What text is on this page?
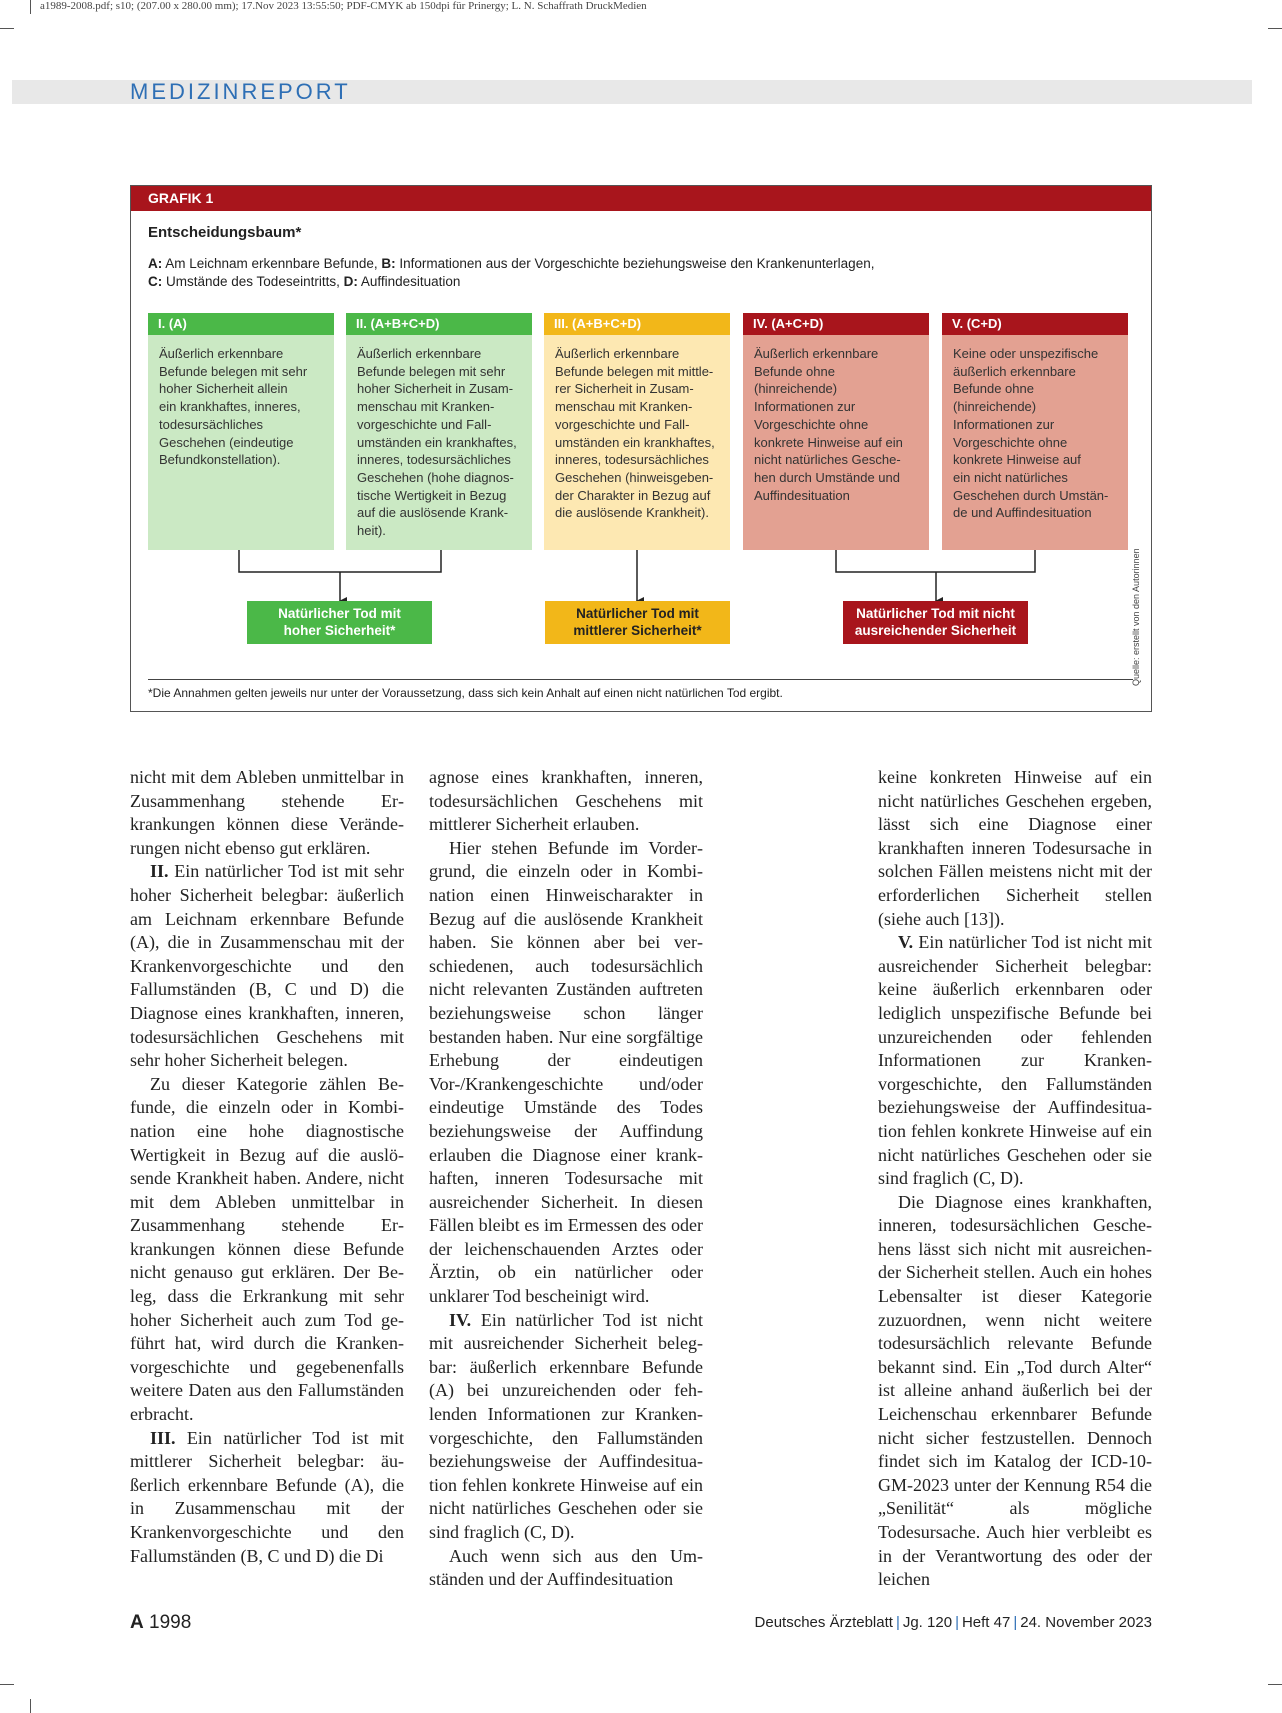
a1989-2008.pdf; s10; (207.00 x 280.00 mm); 17.Nov 2023 13:55:50; PDF-CMYK ab 150dpi für Prinergy; L. N. Schaffrath DruckMedien
MEDIZINREPORT
GRAFIK 1
Entscheidungsbaum*
A: Am Leichnam erkennbare Befunde, B: Informationen aus der Vorgeschichte beziehungsweise den Krankenunterlagen,
C: Umstände des Todeseintritts, D: Auffindesituation
I. (A)
Äußerlich erkennbare
Befunde belegen mit sehr
hoher Sicherheit allein
ein krankhaftes, inneres,
todesursächliches
Geschehen (eindeutige
Befundkonstellation).
II. (A+B+C+D)
Äußerlich erkennbare
Befunde belegen mit sehr
hoher Sicherheit in Zusam-
menschau mit Kranken-
vorgeschichte und Fall-
umständen ein krankhaftes,
inneres, todesursächliches
Geschehen (hohe diagnos-
tische Wertigkeit in Bezug
auf die auslösende Krank-
heit).
III. (A+B+C+D)
Äußerlich erkennbare
Befunde belegen mit mittle-
rer Sicherheit in Zusam-
menschau mit Kranken-
vorgeschichte und Fall-
umständen ein krankhaftes,
inneres, todesursächliches
Geschehen (hinweisgeben-
der Charakter in Bezug auf
die auslösende Krankheit).
IV. (A+C+D)
Äußerlich erkennbare
Befunde ohne (hinreichende)
Informationen zur
Vorgeschichte ohne
konkrete Hinweise auf ein
nicht natürliches Gesche-
hen durch Umstände und
Auffindesituation
V. (C+D)
Keine oder unspezifische
äußerlich erkennbare
Befunde ohne (hinreichende)
Informationen zur
Vorgeschichte ohne
konkrete Hinweise auf
ein nicht natürliches
Geschehen durch Umstän-
de und Auffindesituation
Natürlicher Tod mit
hoher Sicherheit*
Natürlicher Tod mit
mittlerer Sicherheit*
Natürlicher Tod mit nicht
ausreichender Sicherheit
*Die Annahmen gelten jeweils nur unter der Voraussetzung, dass sich kein Anhalt auf einen nicht natürlichen Tod ergibt.
Quelle: erstellt von den Autorinnen

nicht mit dem Ableben unmittelbar in Zusammenhang stehende Erkrankungen können diese Veränderungen nicht ebenso gut erklären.

II. Ein natürlicher Tod ist mit sehr hoher Sicherheit belegbar: äußerlich am Leichnam erkennbare Befunde (A), die in Zusammenschau mit der Krankenvorgeschichte und den Fallumständen (B, C und D) die Diagnose eines krankhaften, inneren, todesursächlichen Geschehens mit sehr hoher Sicherheit belegen.

Zu dieser Kategorie zählen Befunde, die einzeln oder in Kombination eine hohe diagnostische Wertigkeit in Bezug auf die auslösende Krankheit haben. Andere, nicht mit dem Ableben unmittelbar in Zusammenhang stehende Erkrankungen können diese Befunde nicht genauso gut erklären. Der Beleg, dass die Erkrankung mit sehr hoher Sicherheit auch zum Tod geführt hat, wird durch die Krankenvorgeschichte und gegebenenfalls weitere Daten aus den Fallumständen erbracht.

III. Ein natürlicher Tod ist mit mittlerer Sicherheit belegbar: äußerlich erkennbare Befunde (A), die in Zusammenschau mit der Krankenvorgeschichte und den Fallumständen (B, C und D) die Di

agnose eines krankhaften, inneren, todesursächlichen Geschehens mit mittlerer Sicherheit erlauben.

Hier stehen Befunde im Vordergrund, die einzeln oder in Kombination einen Hinweischarakter in Bezug auf die auslösende Krankheit haben. Sie können aber bei verschiedenen, auch todesursächlich nicht relevanten Zuständen auftreten beziehungsweise schon länger bestanden haben. Nur eine sorgfältige Erhebung der eindeutigen Vor-/Krankengeschichte und/oder eindeutige Umstände des Todes beziehungsweise der Auffindung erlauben die Diagnose einer krankhaften, inneren Todesursache mit ausreichender Sicherheit. In diesen Fällen bleibt es im Ermessen des oder der leichenschauenden Arztes oder Ärztin, ob ein natürlicher oder unklarer Tod bescheinigt wird.

IV. Ein natürlicher Tod ist nicht mit ausreichender Sicherheit belegbar: äußerlich erkennbare Befunde (A) bei unzureichenden oder fehlenden Informationen zur Krankenvorgeschichte, den Fallumständen beziehungsweise der Auffindesituation fehlen konkrete Hinweise auf ein nicht natürliches Geschehen oder sie sind fraglich (C, D).

Auch wenn sich aus den Umständen und der Auffindesituation

keine konkreten Hinweise auf ein nicht natürliches Geschehen ergeben, lässt sich eine Diagnose einer krankhaften inneren Todesursache in solchen Fällen meistens nicht mit der erforderlichen Sicherheit stellen (siehe auch [13]).

V. Ein natürlicher Tod ist nicht mit ausreichender Sicherheit belegbar: keine äußerlich erkennbaren oder lediglich unspezifische Befunde bei unzureichenden oder fehlenden Informationen zur Krankenvorgeschichte, den Fallumständen beziehungsweise der Auffindesituation fehlen konkrete Hinweise auf ein nicht natürliches Geschehen oder sie sind fraglich (C, D).

Die Diagnose eines krankhaften, inneren, todesursächlichen Geschehens lässt sich nicht mit ausreichender Sicherheit stellen. Auch ein hohes Lebensalter ist dieser Kategorie zuzuordnen, wenn nicht weitere todesursächlich relevante Befunde bekannt sind. Ein „Tod durch Alter“ ist alleine anhand äußerlich bei der Leichenschau erkennbarer Befunde nicht sicher festzustellen. Dennoch findet sich im Katalog der ICD-10-GM-2023 unter der Kennung R54 die „Senilität“ als mögliche Todesursache. Auch hier verbleibt es in der Verantwortung des oder der leichen

A 1998	Deutsches Ärzteblatt | Jg. 120 | Heft 47 | 24. November 2023
